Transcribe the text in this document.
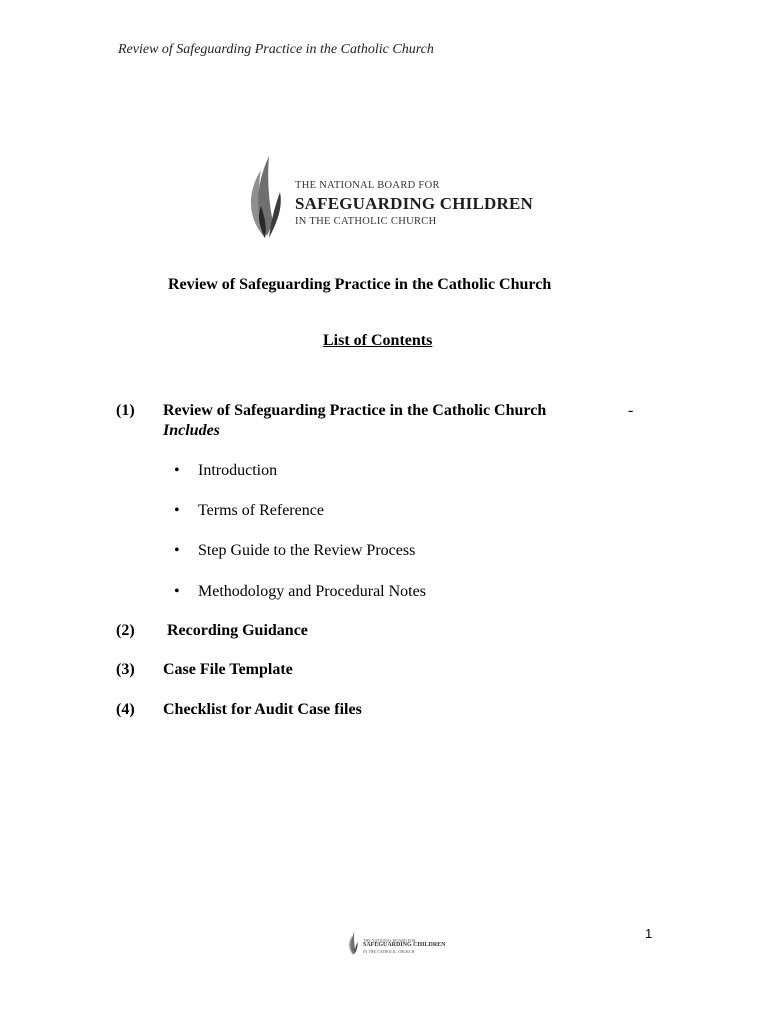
Review of Safeguarding Practice in the Catholic Church
THE NATIONAL BOARD FOR
SAFEGUARDING CHILDREN
IN THE CATHOLIC CHURCH
Review of Safeguarding Practice in the Catholic Church
List of Contents
(1) Review of Safeguarding Practice in the Catholic Church	-
Includes
• Introduction
• Terms of Reference
• Step Guide to the Review Process
• Methodology and Procedural Notes
(2) Recording Guidance
(3) Case File Template
(4) Checklist for Audit Case files
1
THE NATIONAL BOARD FOR
SAFEGUARDING CHILDREN
IN THE CATHOLIC CHURCH
